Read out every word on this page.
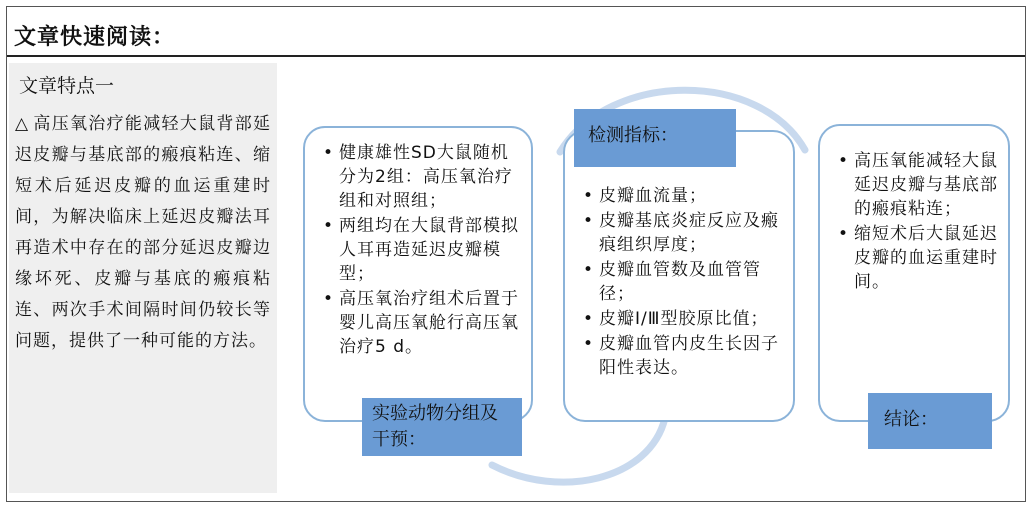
文章快速阅读：
文章特点一
△ 高压氧治疗能减轻大鼠背部延迟皮瓣与基底部的瘢痕粘连、缩短术后延迟皮瓣的血运重建时间，为解决临床上延迟皮瓣法耳再造术中存在的部分延迟皮瓣边缘坏死、皮瓣与基底的瘢痕粘连、两次手术间隔时间仍较长等问题，提供了一种可能的方法。
• 健康雄性SD大鼠随机分为2组：高压氧治疗组和对照组；
• 两组均在大鼠背部模拟人耳再造延迟皮瓣模型；
• 高压氧治疗组术后置于婴儿高压氧舱行高压氧治疗5 d。
• 皮瓣血流量；
• 皮瓣基底炎症反应及瘢痕组织厚度；
• 皮瓣血管数及血管管径；
• 皮瓣Ⅰ/Ⅲ型胶原比值；
• 皮瓣血管内皮生长因子阳性表达。
• 高压氧能减轻大鼠延迟皮瓣与基底部的瘢痕粘连；
• 缩短术后大鼠延迟皮瓣的血运重建时间。
实验动物分组及干预：
检测指标：
结论：
